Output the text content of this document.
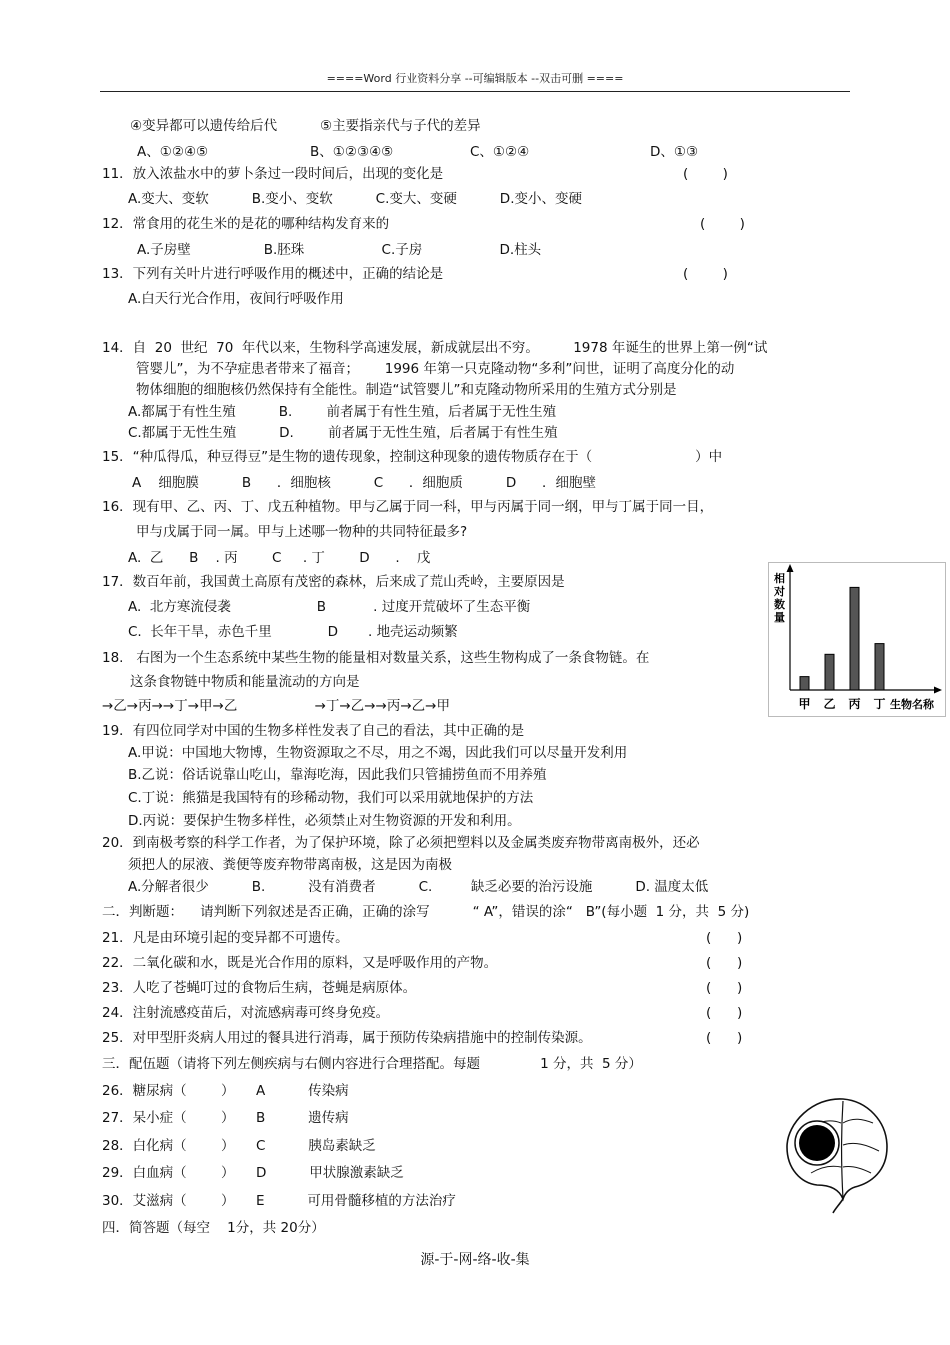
====Word 行业资料分享 --可编辑版本 --双击可删 ====
④变异都可以遗传给后代          ⑤主要指亲代与子代的差异
A、①②④⑤	B、①②③④⑤	C、①②④	D、①③
11．放入浓盐水中的萝卜条过一段时间后，出现的变化是	(        )
A.变大、变软          B.变小、变软          C.变大、变硬          D.变小、变硬
12．常食用的花生米的是花的哪种结构发育来的	(        )
A.子房壁                 B.胚珠                  C.子房                  D.柱头
13．下列有关叶片进行呼吸作用的概述中，正确的结论是	(        )
A.白天行光合作用，夜间行呼吸作用
14．自  20  世纪  70  年代以来，生物科学高速发展，新成就层出不穷。        1978 年诞生的世界上第一例“试
管婴儿”，为不孕症患者带来了福音；      1996 年第一只克隆动物“多利”问世，证明了高度分化的动
物体细胞的细胞核仍然保持有全能性。制造“试管婴儿”和克隆动物所采用的生殖方式分别是
A.都属于有性生殖          B.        前者属于有性生殖，后者属于无性生殖
C.都属于无性生殖          D.        前者属于无性生殖，后者属于有性生殖
15．“种瓜得瓜，种豆得豆”是生物的遗传现象，控制这种现象的遗传物质存在于（                        ）中
A    细胞膜          B      ．细胞核          C      ．细胞质          D      ．细胞壁
16．现有甲、乙、丙、丁、戊五种植物。甲与乙属于同一科，甲与丙属于同一纲，甲与丁属于同一目，
甲与戊属于同一属。甲与上述哪一物种的共同特征最多?
A.  乙      B    . 丙        C     . 丁        D      .    戊
17．数百年前，我国黄土高原有茂密的森林，后来成了荒山秃岭，主要原因是
A.  北方寒流侵袭                    B           . 过度开荒破坏了生态平衡
C.  长年干旱，赤色千里             D       . 地壳运动频繁
18.   右图为一个生态系统中某些生物的能量相对数量关系，这些生物构成了一条食物链。在
这条食物链中物质和能量流动的方向是
→乙→丙→→丁→甲→乙                  →丁→乙→→丙→乙→甲
19．有四位同学对中国的生物多样性发表了自己的看法，其中正确的是
A.甲说：中国地大物博，生物资源取之不尽，用之不竭，因此我们可以尽量开发利用
B.乙说：俗话说靠山吃山，靠海吃海，因此我们只管捕捞鱼而不用养殖
C.丁说：熊猫是我国特有的珍稀动物，我们可以采用就地保护的方法
D.丙说：要保护生物多样性，必须禁止对生物资源的开发和利用。
20．到南极考察的科学工作者，为了保护环境，除了必须把塑料以及金属类废弃物带离南极外，还必
须把人的尿液、粪便等废弃物带离南极，这是因为南极
A.分解者很少          B.          没有消费者          C.         缺乏必要的治污设施          D. 温度太低
二．判断题：    请判断下列叙述是否正确，正确的涂写          “ A”，错误的涂“   B”(每小题  1 分，共  5 分)
21．凡是由环境引起的变异都不可遗传。	(      )
22．二氧化碳和水，既是光合作用的原料，又是呼吸作用的产物。	(      )
23．人吃了苍蝇叮过的食物后生病，苍蝇是病原体。	(      )
24．注射流感疫苗后，对流感病毒可终身免疫。	(      )
25．对甲型肝炎病人用过的餐具进行消毒，属于预防传染病措施中的控制传染源。	(      )
三．配伍题（请将下列左侧疾病与右侧内容进行合理搭配。每题              1 分，共  5 分）
26．糖尿病（        ）     A          传染病
27．呆小症（        ）     B          遗传病
28．白化病（        ）     C          胰岛素缺乏
29．白血病（        ）     D          甲状腺激素缺乏
30．艾滋病（        ）     E          可用骨髓移植的方法治疗
四．简答题（每空    1分，共 20分）
甲 乙 丙 丁
相对数量
生物名称
源-于-网-络-收-集
